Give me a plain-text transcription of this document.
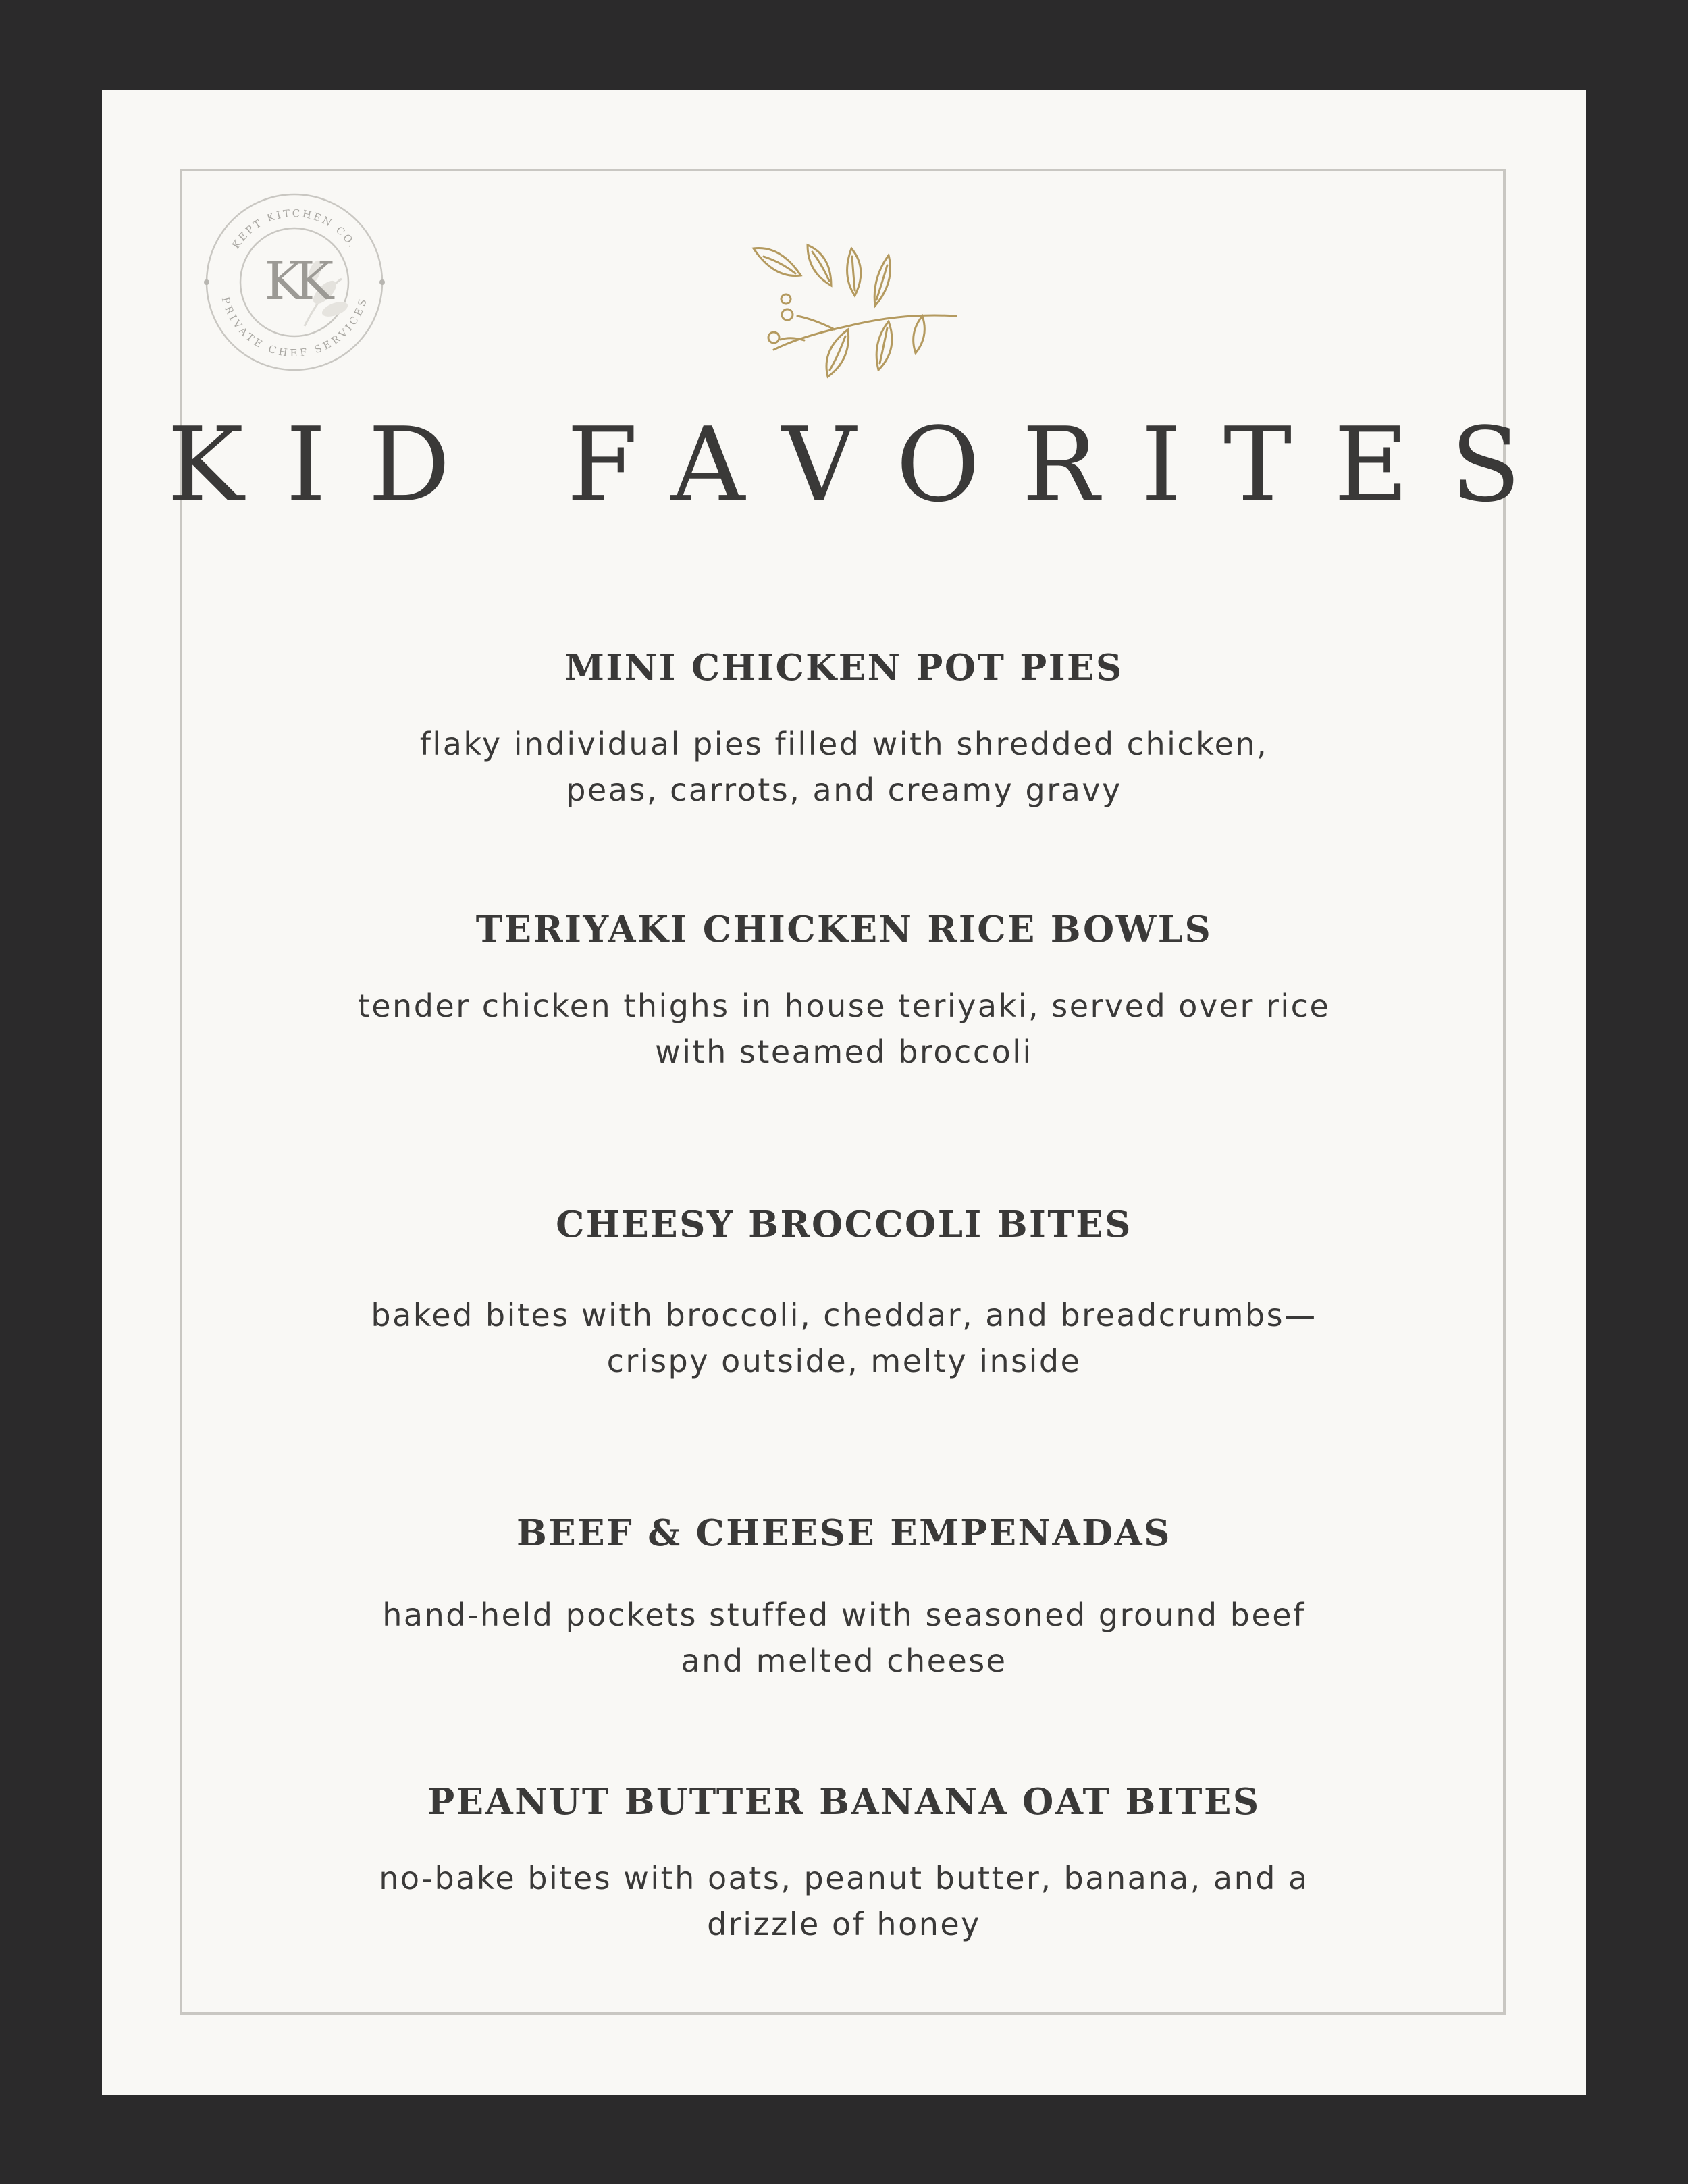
KEPT KITCHEN CO.
PRIVATE CHEF SERVICES
KK
KID FAVORITES
MINI CHICKEN POT PIES
flaky individual pies filled with shredded chicken,
peas, carrots, and creamy gravy
TERIYAKI CHICKEN RICE BOWLS
tender chicken thighs in house teriyaki, served over rice
with steamed broccoli
CHEESY BROCCOLI BITES
baked bites with broccoli, cheddar, and breadcrumbs—
crispy outside, melty inside
BEEF & CHEESE EMPENADAS
hand-held pockets stuffed with seasoned ground beef
and melted cheese
PEANUT BUTTER BANANA OAT BITES
no-bake bites with oats, peanut butter, banana, and a
drizzle of honey
